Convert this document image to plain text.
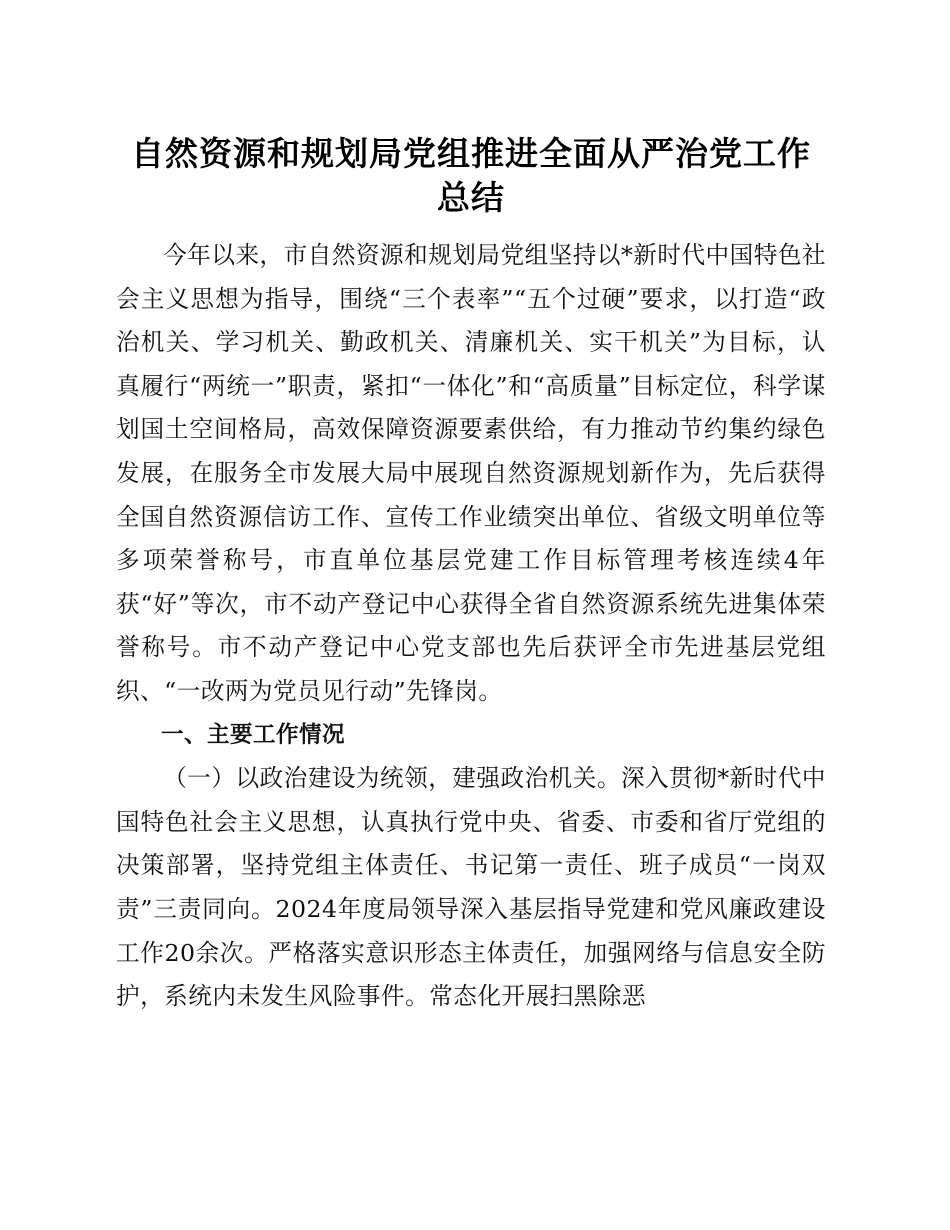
自然资源和规划局党组推进全面从严治党工作
总结

今年以来，市自然资源和规划局党组坚持以*新时代中国特色社会主义思想为指导，围绕“三个表率”“五个过硬”要求，以打造“政治机关、学习机关、勤政机关、清廉机关、实干机关”为目标，认真履行“两统一”职责，紧扣“一体化”和“高质量”目标定位，科学谋划国土空间格局，高效保障资源要素供给，有力推动节约集约绿色发展，在服务全市发展大局中展现自然资源规划新作为，先后获得全国自然资源信访工作、宣传工作业绩突出单位、省级文明单位等多项荣誉称号，市直单位基层党建工作目标管理考核连续4年获“好”等次，市不动产登记中心获得全省自然资源系统先进集体荣誉称号。市不动产登记中心党支部也先后获评全市先进基层党组织、“一改两为党员见行动”先锋岗。

一、主要工作情况

（一）以政治建设为统领，建强政治机关。深入贯彻*新时代中国特色社会主义思想，认真执行党中央、省委、市委和省厅党组的决策部署，坚持党组主体责任、书记第一责任、班子成员“一岗双责”三责同向。2024年度局领导深入基层指导党建和党风廉政建设工作20余次。严格落实意识形态主体责任，加强网络与信息安全防护，系统内未发生风险事件。常态化开展扫黑除恶
